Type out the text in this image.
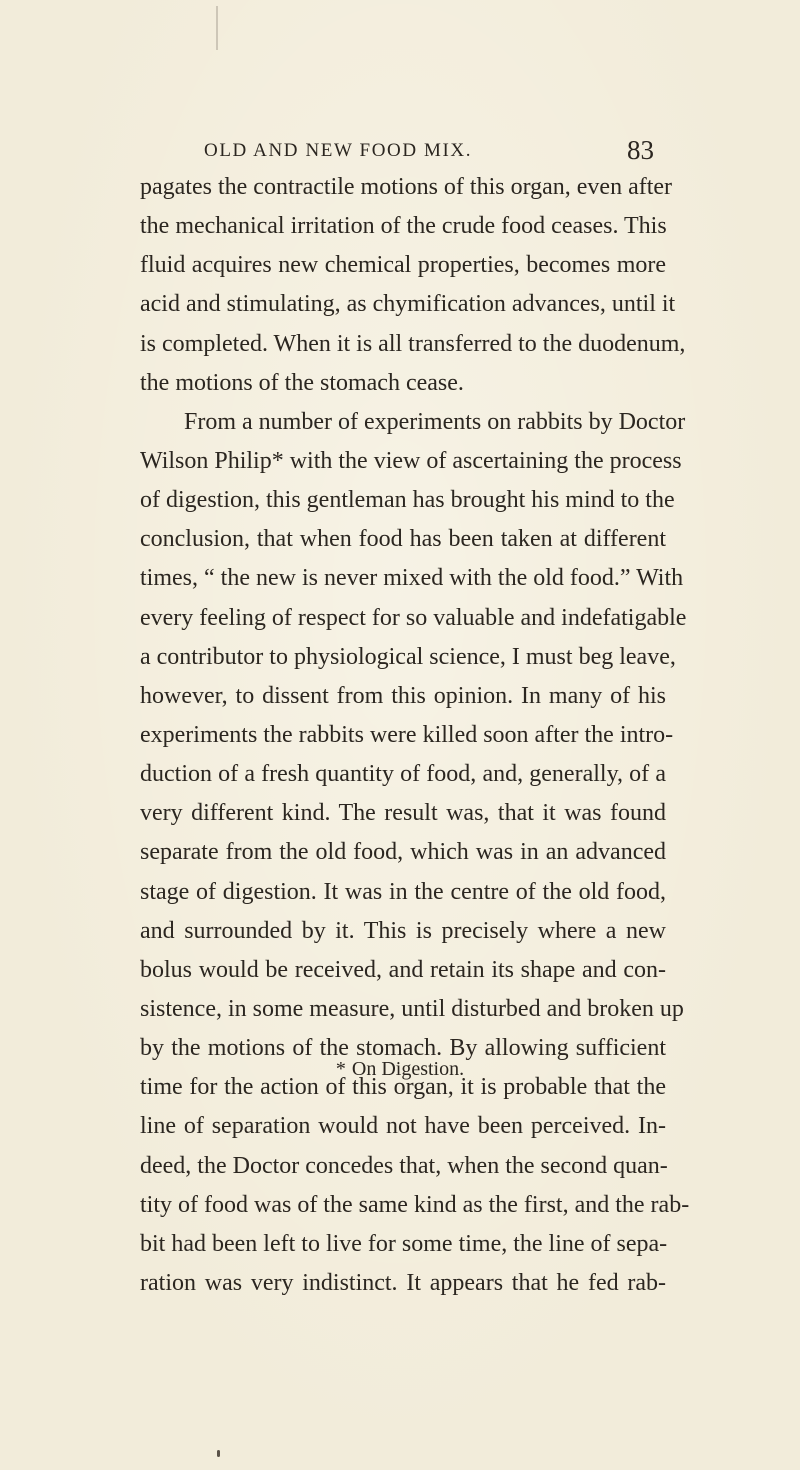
OLD AND NEW FOOD MIX.	83
pagates the contractile motions of this organ, even after
the mechanical irritation of the crude food ceases. This
fluid acquires new chemical properties, becomes more
acid and stimulating, as chymification advances, until it
is completed. When it is all transferred to the duodenum,
the motions of the stomach cease.
From a number of experiments on rabbits by Doctor
Wilson Philip* with the view of ascertaining the process
of digestion, this gentleman has brought his mind to the
conclusion, that when food has been taken at different
times, “ the new is never mixed with the old food.” With
every feeling of respect for so valuable and indefatigable
a contributor to physiological science, I must beg leave,
however, to dissent from this opinion. In many of his
experiments the rabbits were killed soon after the intro-
duction of a fresh quantity of food, and, generally, of a
very different kind. The result was, that it was found
separate from the old food, which was in an advanced
stage of digestion. It was in the centre of the old food,
and surrounded by it. This is precisely where a new
bolus would be received, and retain its shape and con-
sistence, in some measure, until disturbed and broken up
by the motions of the stomach. By allowing sufficient
time for the action of this organ, it is probable that the
line of separation would not have been perceived. In-
deed, the Doctor concedes that, when the second quan-
tity of food was of the same kind as the first, and the rab-
bit had been left to live for some time, the line of sepa-
ration was very indistinct. It appears that he fed rab-
* On Digestion.
